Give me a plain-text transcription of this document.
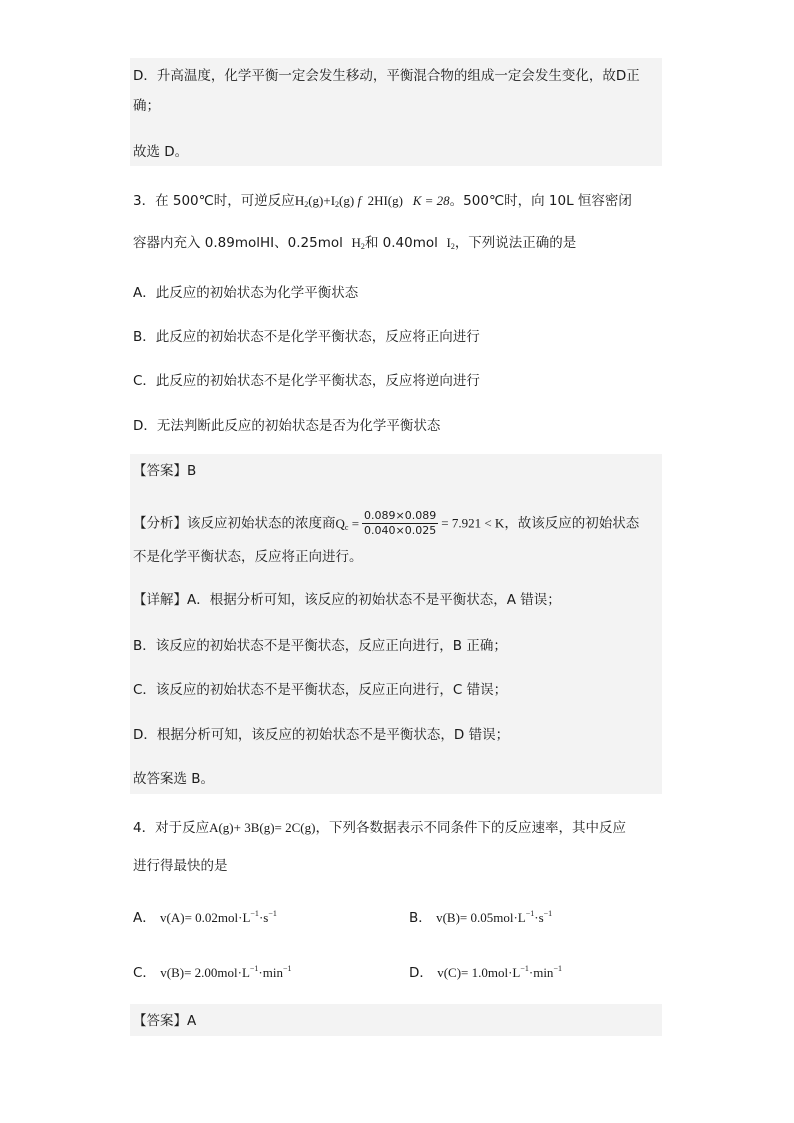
D．升高温度，化学平衡一定会发生移动，平衡混合物的组成一定会发生变化，故D正
确；
故选 D。
3．在 500℃时，可逆反应$H_2(g)+I_2(g)$ f 2HI(g) K = 28。500℃时，向 10L 恒容密闭
容器内充入 0.89molHI、0.25mol $H_2$和 0.40mol $I_2$，下列说法正确的是
A．此反应的初始状态为化学平衡状态
B．此反应的初始状态不是化学平衡状态，反应将正向进行
C．此反应的初始状态不是化学平衡状态，反应将逆向进行
D．无法判断此反应的初始状态是否为化学平衡状态
【答案】B
【分析】该反应初始状态的浓度商$Q_c = \frac{0.089\times 0.089}{0.040\times 0.025} = 7.921 < K$，故该反应的初始状态
不是化学平衡状态，反应将正向进行。
【详解】A．根据分析可知，该反应的初始状态不是平衡状态，A 错误；
B．该反应的初始状态不是平衡状态，反应正向进行，B 正确；
C．该反应的初始状态不是平衡状态，反应正向进行，C 错误；
D．根据分析可知，该反应的初始状态不是平衡状态，D 错误；
故答案选 B。
4．对于反应A(g)+ 3B(g)= 2C(g)，下列各数据表示不同条件下的反应速率，其中反应
进行得最快的是
A． $v(A)= 0.02mol\cdot L^{-1}\cdot s^{-1}$	B． $v(B)= 0.05mol\cdot L^{-1}\cdot s^{-1}$
C． $v(B)= 2.00mol\cdot L^{-1}\cdot\min^{-1}$	D． $v(C)= 1.0mol\cdot L^{-1}\cdot\min^{-1}$
【答案】A
